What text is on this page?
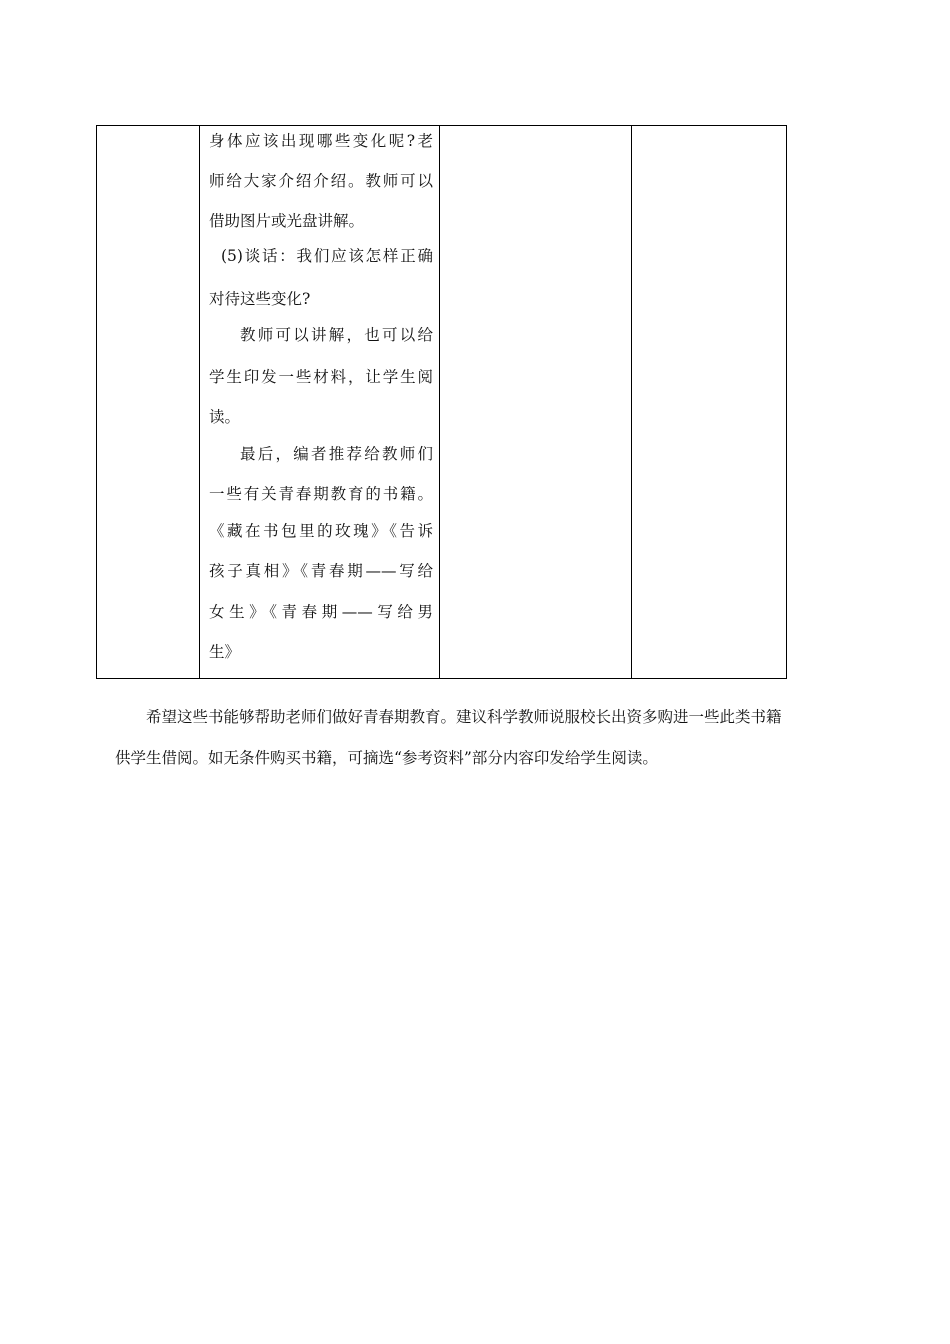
身体应该出现哪些变化呢?老
师给大家介绍介绍。教师可以
借助图片或光盘讲解。
(5)谈话：我们应该怎样正确
对待这些变化?
教师可以讲解，也可以给
学生印发一些材料，让学生阅
读。
最后，编者推荐给教师们
一些有关青春期教育的书籍。
《藏在书包里的玫瑰》《告诉
孩子真相》《青春期——写给
女生》《青春期——写给男
生》

希望这些书能够帮助老师们做好青春期教育。建议科学教师说服校长出资多购进一些此类书籍
供学生借阅。如无条件购买书籍，可摘选“参考资料”部分内容印发给学生阅读。
